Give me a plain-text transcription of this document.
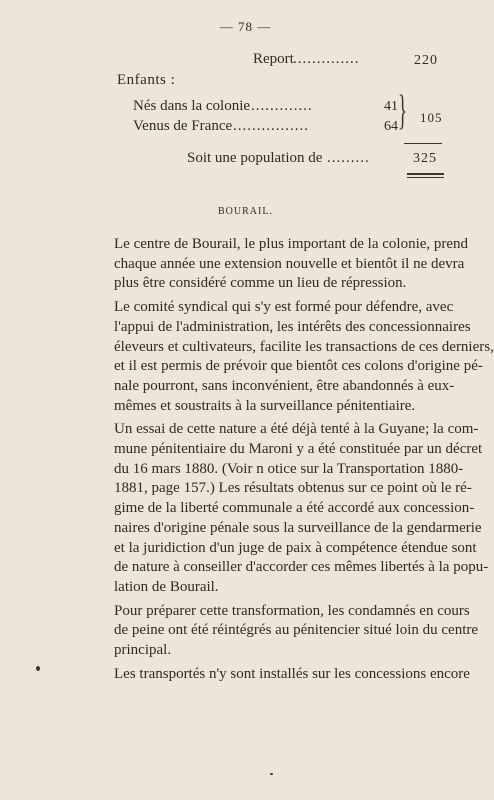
— 78 —
Report ..............	220
Enfants :
Nés dans la colonie .............	41
Venus de France ................	64 } 105
Soit une population de .........	325
BOURAIL.

Le centre de Bourail, le plus important de la colonie, prend
chaque année une extension nouvelle et bientôt il ne devra
plus être considéré comme un lieu de répression.

Le comité syndical qui s'y est formé pour défendre, avec
l'appui de l'administration, les intérêts des concessionnaires
éleveurs et cultivateurs, facilite les transactions de ces derniers,
et il est permis de prévoir que bientôt ces colons d'origine pé-
nale pourront, sans inconvénient, être abandonnés à eux-
mêmes et soustraits à la surveillance pénitentiaire.

Un essai de cette nature a été déjà tenté à la Guyane; la com-
mune pénitentiaire du Maroni y a été constituée par un décret
du 16 mars 1880. (Voir n otice sur la Transportation 1880-
1881, page 157.) Les résultats obtenus sur ce point où le ré-
gime de la liberté communale a été accordé aux concession-
naires d'origine pénale sous la surveillance de la gendarmerie
et la juridiction d'un juge de paix à compétence étendue sont
de nature à conseiller d'accorder ces mêmes libertés à la popu-
lation de Bourail.

Pour préparer cette transformation, les condamnés en cours
de peine ont été réintégrés au pénitencier situé loin du centre
principal.

Les transportés n'y sont installés sur les concessions encore
